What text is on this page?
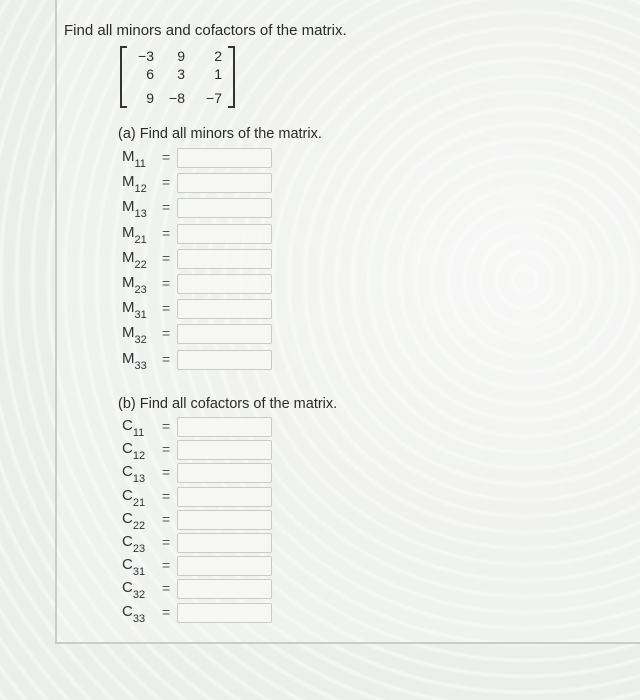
Find all minors and cofactors of the matrix.
−3	9	2
6	3	1
9	−8	−7
(a) Find all minors of the matrix.
$M_{11}$ =
$M_{12}$ =
$M_{13}$ =
$M_{21}$ =
$M_{22}$ =
$M_{23}$ =
$M_{31}$ =
$M_{32}$ =
$M_{33}$ =
(b) Find all cofactors of the matrix.
$C_{11}$ =
$C_{12}$ =
$C_{13}$ =
$C_{21}$ =
$C_{22}$ =
$C_{23}$ =
$C_{31}$ =
$C_{32}$ =
$C_{33}$ =
